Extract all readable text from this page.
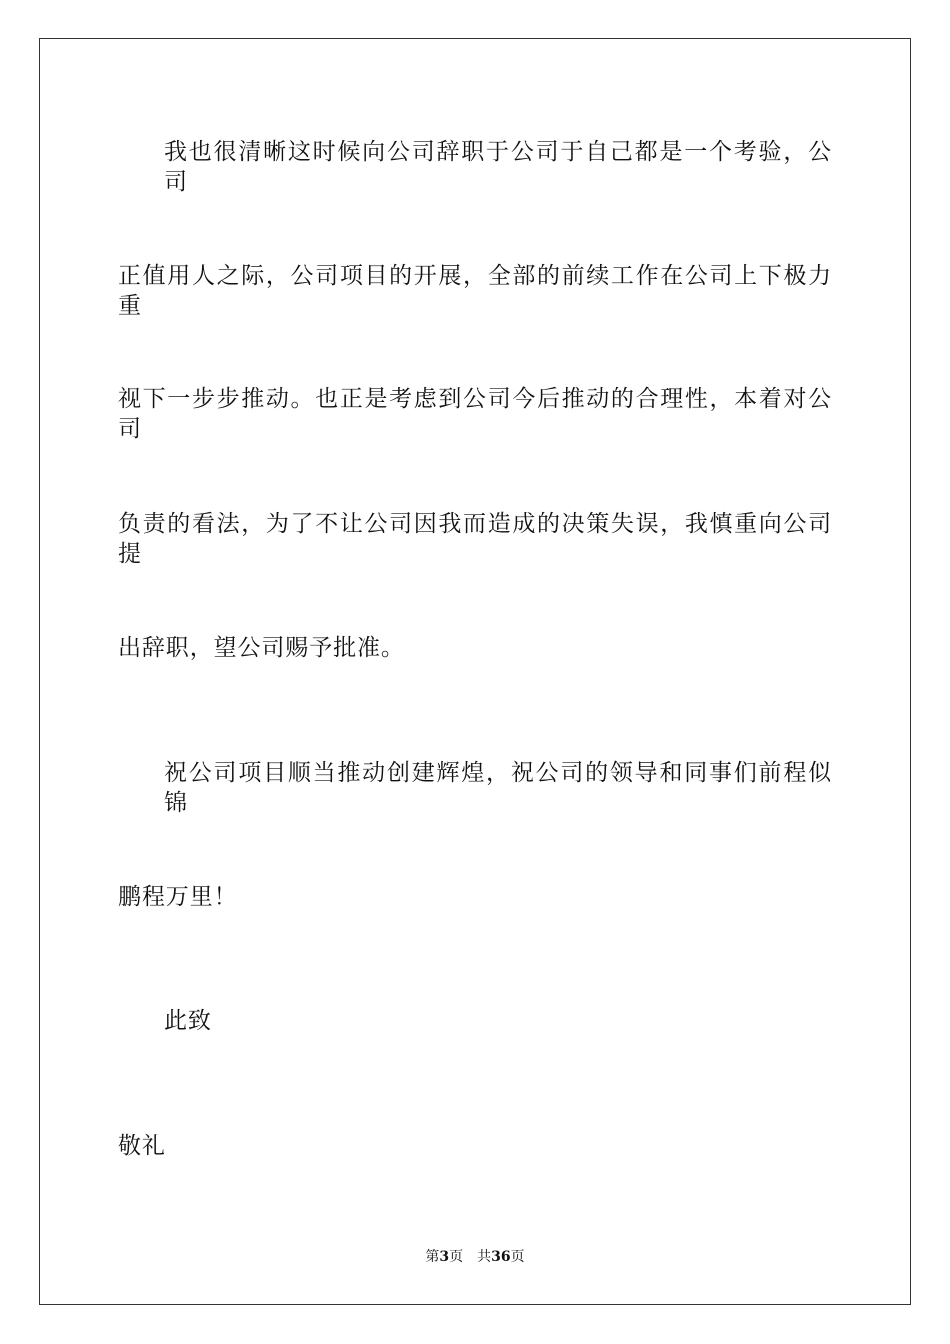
我也很清晰这时候向公司辞职于公司于自己都是一个考验，公司
正值用人之际，公司项目的开展，全部的前续工作在公司上下极力重
视下一步步推动。也正是考虑到公司今后推动的合理性，本着对公司
负责的看法，为了不让公司因我而造成的决策失误，我慎重向公司提
出辞职，望公司赐予批准。
祝公司项目顺当推动创建辉煌，祝公司的领导和同事们前程似锦
鹏程万里！
此致
敬礼
第3页 共36页
